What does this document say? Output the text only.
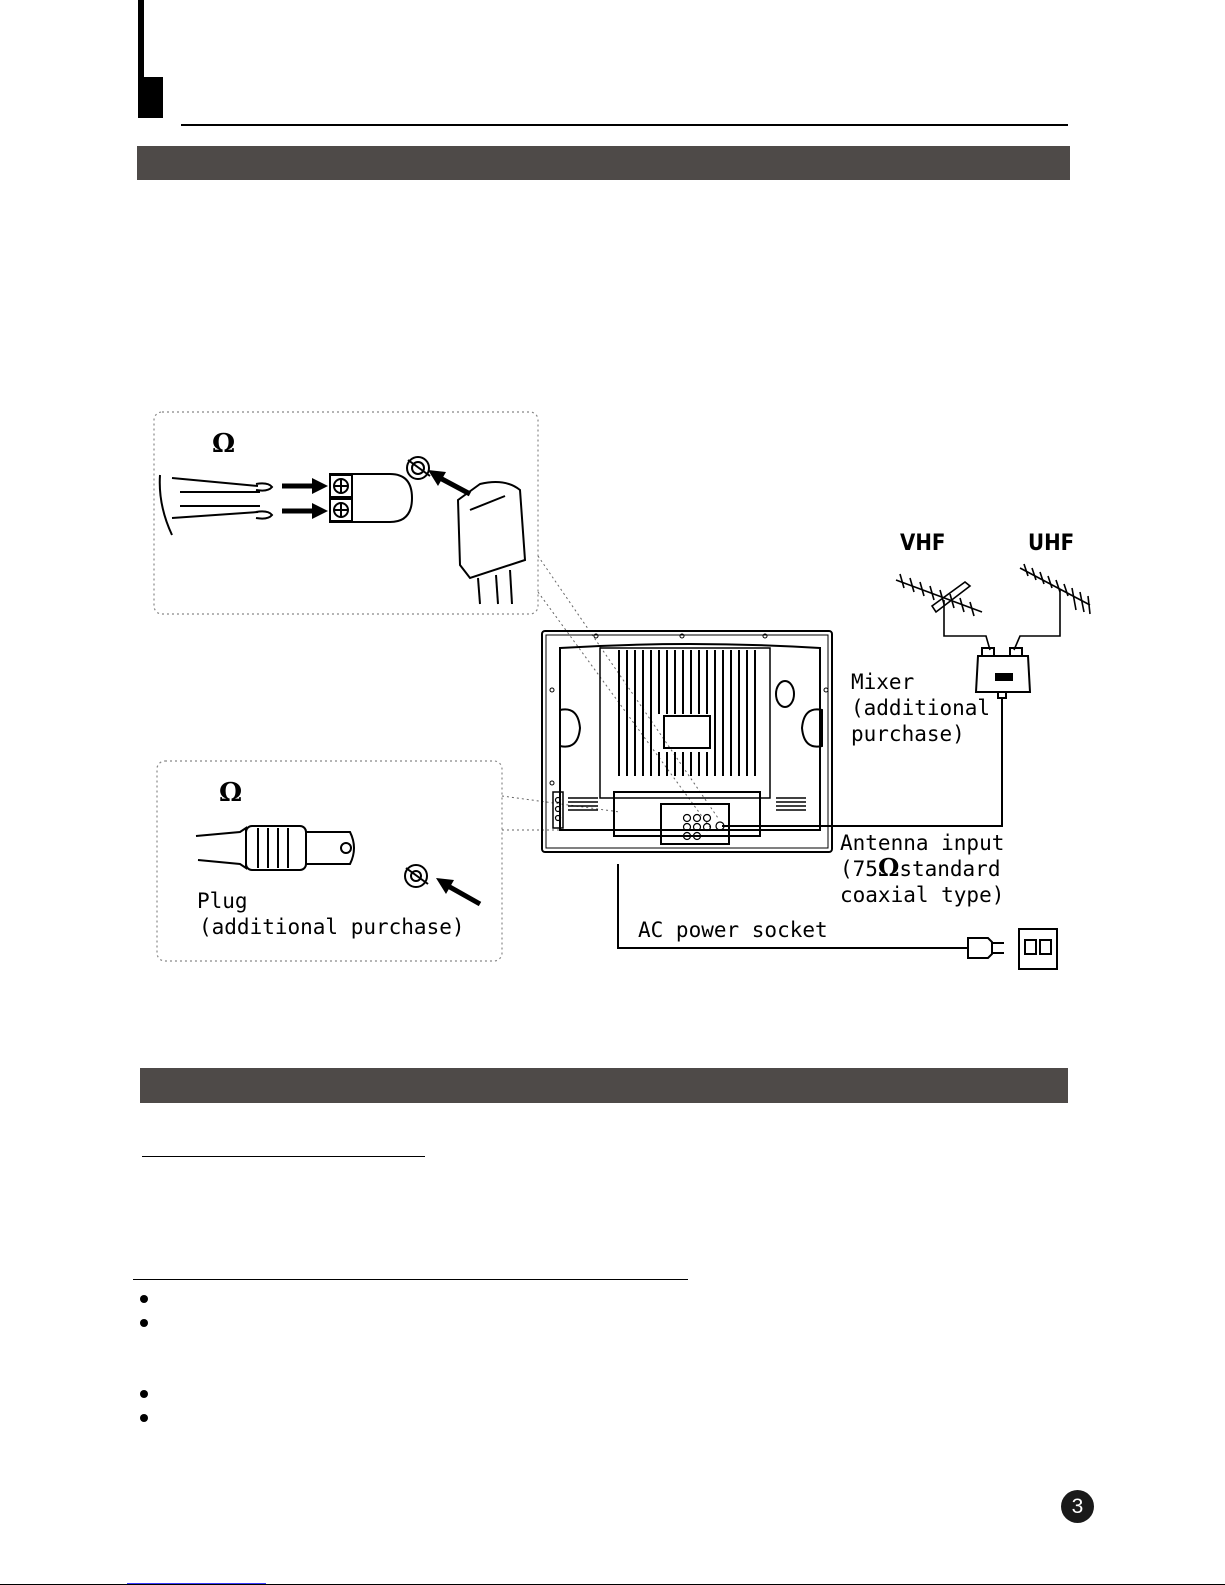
Ω
Ω
Plug
(additional purchase)
VHF	UHF
Mixer
(additional
purchase)
Antenna input
(75Ωstandard
coaxial type)
AC power socket
3
